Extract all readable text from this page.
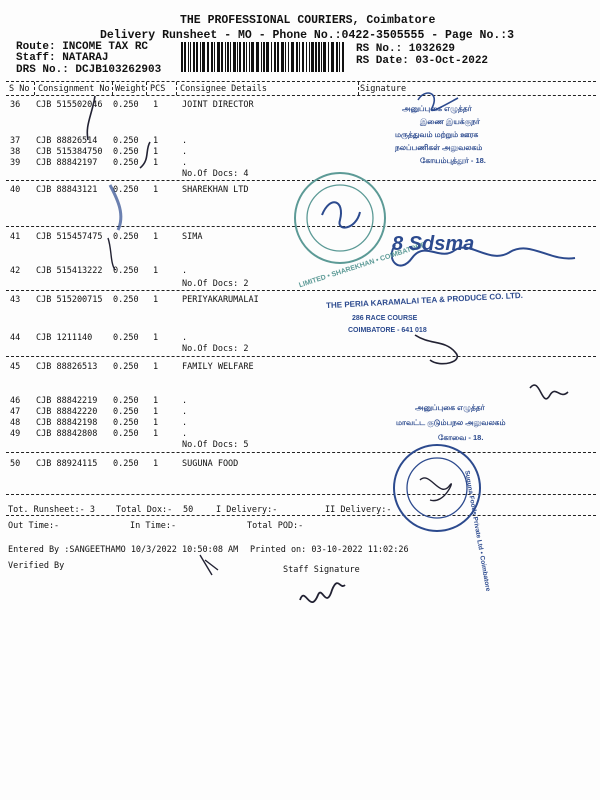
THE PROFESSIONAL COURIERS, Coimbatore
Delivery Runsheet - MO - Phone No.:0422-3505555 - Page No.:3
Route: INCOME TAX RC
Staff: NATARAJ
DRS No.: DCJB103262903
RS No.: 1032629
RS Date: 03-Oct-2022
S No Consignment No Weight PCS Consignee Details	Signature
36 CJB 515502046 0.250 1	JOINT DIRECTOR
37 CJB 88826514 0.250 1	.
38 CJB 515384750 0.250 1	.
39 CJB 88842197 0.250 1	.
No.Of Docs: 4
40 CJB 88843121 0.250 1	SHAREKHAN LTD
41 CJB 515457475 0.250 1	SIMA
42 CJB 515413222 0.250 1	.
No.Of Docs: 2
43 CJB 515200715 0.250 1	PERIYAKARUMALAI
44 CJB 1211140 0.250 1	.
No.Of Docs: 2
45 CJB 88826513 0.250 1	FAMILY WELFARE
46 CJB 88842219 0.250 1	.
47 CJB 88842220 0.250 1	.
48 CJB 88842198 0.250 1	.
49 CJB 88842808 0.250 1	.
No.Of Docs: 5
50 CJB 88924115 0.250 1	SUGUNA FOOD
Tot. Runsheet:- 3 Total Dox:- 50	I Delivery:-	II Delivery:-
Out Time:-	In Time:-	Total POD:-
Entered By :SANGEETHAMO 10/3/2022 10:50:08 AM Printed on: 03-10-2022 11:02:26
Verified By	Staff Signature
அனுப்புகை எழுத்தர்
இணை இயக்குநர்
மருத்துவம் மற்றும் ஊரக
நலப்பணிகள் அலுவலகம்
கோயம்புத்தூர் - 18.
LIMITED • SHAREKHAN • COIMBATORE
8 Sdsma
THE PERIA KARAMALAI TEA & PRODUCE CO. LTD.
286 RACE COURSE
COIMBATORE - 641 018
அனுப்புகை எழுத்தர்
மாவட்ட குடும்பநல அலுவலகம்
கோவை - 18.
Suguna Foods Private Ltd • Coimbatore
